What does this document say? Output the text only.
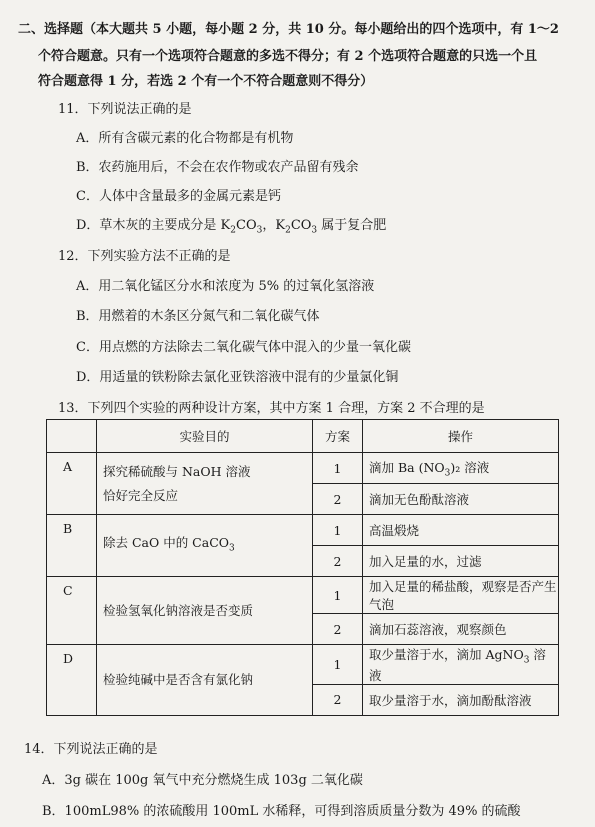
二、选择题（本大题共 5 小题，每小题 2 分，共 10 分。每小题给出的四个选项中，有 1～2
个符合题意。只有一个选项符合题意的多选不得分；有 2 个选项符合题意的只选一个且
符合题意得 1 分，若选 2 个有一个不符合题意则不得分）
11．下列说法正确的是
A．所有含碳元素的化合物都是有机物
B．农药施用后，不会在农作物或农产品留有残余
C．人体中含量最多的金属元素是钙
D．草木灰的主要成分是 $K_2CO_3$，$K_2CO_3$ 属于复合肥
12．下列实验方法不正确的是
A．用二氧化锰区分水和浓度为 5% 的过氧化氢溶液
B．用燃着的木条区分氮气和二氧化碳气体
C．用点燃的方法除去二氧化碳气体中混入的少量一氧化碳
D．用适量的铁粉除去氯化亚铁溶液中混有的少量氯化铜
13．下列四个实验的两种设计方案，其中方案 1 合理，方案 2 不合理的是
	实验目的	方案	操作
A	探究稀硫酸与 NaOH 溶液
恰好完全反应	1	滴加 Ba $(NO_3)_2$ 溶液
		2	滴加无色酚酞溶液
B	除去 CaO 中的 CaCO$_3$	1	高温煅烧
		2	加入足量的水，过滤
C	检验氢氧化钠溶液是否变质	1	加入足量的稀盐酸，观察是否产生气泡
		2	滴加石蕊溶液，观察颜色
D	检验纯碱中是否含有氯化钠	1	取少量溶于水，滴加 AgNO$_3$ 溶液
		2	取少量溶于水，滴加酚酞溶液
14．下列说法正确的是
A．3g 碳在 100g 氧气中充分燃烧生成 103g 二氧化碳
B．100mL98% 的浓硫酸用 100mL 水稀释，可得到溶质质量分数为 49% 的硫酸
